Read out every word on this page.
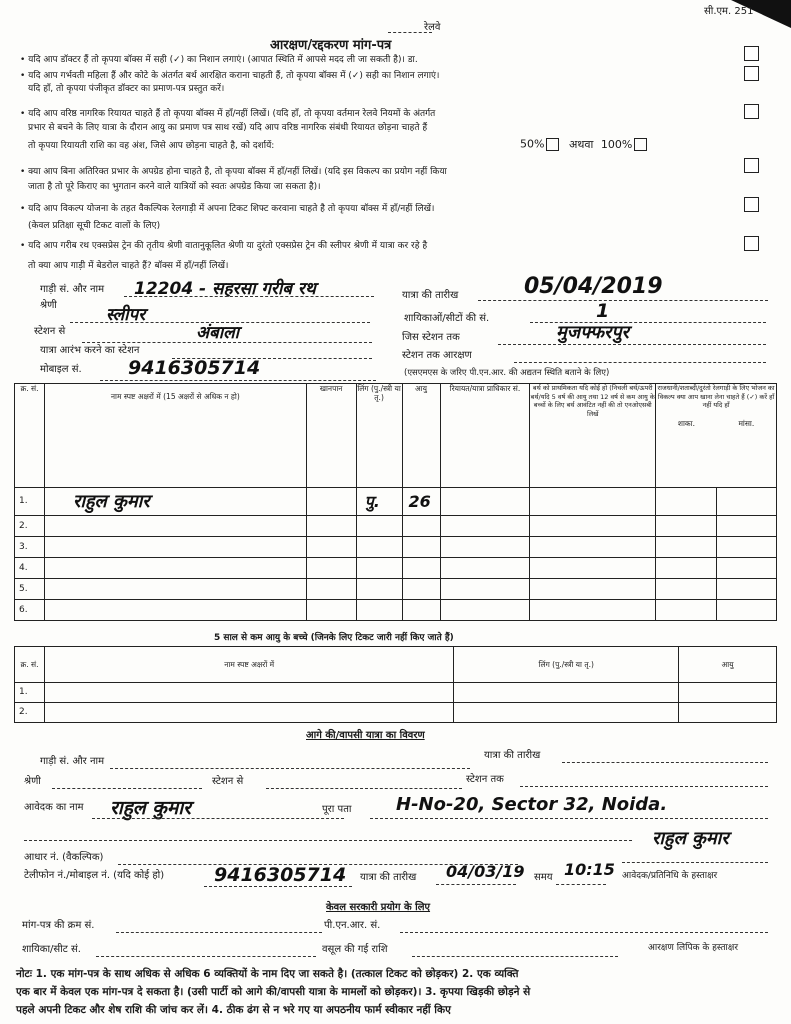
सी.एम. 251
रेलवे
आरक्षण/रद्दकरण मांग-पत्र
• यदि आप डॉक्टर हैं तो कृपया बॉक्स में सही (✓) का निशान लगाएं। (आपात स्थिति में आपसे मदद ली जा सकती है)। डा.
• यदि आप गर्भवती महिला हैं और कोटे के अंतर्गत बर्थ आरक्षित कराना चाहती हैं, तो कृपया बॉक्स में (✓) सही का निशान लगाएं।
यदि हाँ, तो कृपया पंजीकृत डॉक्टर का प्रमाण-पत्र प्रस्तुत करें।
• यदि आप वरिष्ठ नागरिक रियायत चाहते हैं तो कृपया बॉक्स में हाँ/नहीं लिखें। (यदि हाँ, तो कृपया वर्तमान रेलवे नियमों के अंतर्गत
प्रभार से बचने के लिए यात्रा के दौरान आयु का प्रमाण पत्र साथ रखें) यदि आप वरिष्ठ नागरिक संबंधी रियायत छोड़ना चाहते हैं
तो कृपया रियायती राशि का वह अंश, जिसे आप छोड़ना चाहते है, को दर्शायें:	50% अथवा 100%
• क्या आप बिना अतिरिक्त प्रभार के अपग्रेड होना चाहते है, तो कृपया बॉक्स में हाँ/नहीं लिखें। (यदि इस विकल्प का प्रयोग नहीं किया
जाता है तो पूरे किराए का भुगतान करने वाले यात्रियों को स्वतः अपग्रेड किया जा सकता है)।
• यदि आप विकल्प योजना के तहत वैकल्पिक रेलगाड़ी में अपना टिकट शिफ्ट करवाना चाहते है तो कृपया बॉक्स में हाँ/नहीं लिखें।
(केवल प्रतिक्षा सूची टिकट वालों के लिए)
• यदि आप गरीब रथ एक्सप्रेस ट्रेन की तृतीय श्रेणी वातानुकूलित श्रेणी या दुरंतो एक्सप्रेस ट्रेन की स्लीपर श्रेणी में यात्रा कर रहे है
तो क्या आप गाड़ी में बेडरोल चाहते हैं? बॉक्स में हाँ/नहीं लिखें।
गाड़ी सं. और नाम 12204 - सहरसा गरीब रथ	यात्रा की तारीख	05/04/2019
श्रेणी	स्लीपर	शायिकाओं/सीटों की सं.	1
स्टेशन से	अंबाला	जिस स्टेशन तक	मुजफ्फरपुर
यात्रा आरंभ करने का स्टेशन	स्टेशन तक आरक्षण
मोबाइल सं. 9416305714	(एसएमएस के जरिए पी.एन.आर. की अद्यतन स्थिति बताने के लिए)
क्र. सं.	नाम स्पष्ट अक्षरों में (15 अक्षरों से अधिक न हो)	खानपान	लिंग (पु./स्त्री या तृ.)	आयु	रियायत/यात्रा प्राधिकार सं.	बर्थ को प्राथमिकता यदि कोई हो (निचली बर्थ/ऊपरी बर्थ/यदि 5 वर्ष की आयु तथा 12 वर्ष से कम आयु के बच्चों के लिए बर्थ आवंटित नहीं की तो एनओएसबी लिखें	राजधानी/शताब्दी/दुरंतो रेलगाड़ी के लिए भोजन का विकल्प क्या आप खाना लेना चाहते हैं (✓) करें हाँ नहीं यदि हाँ
शाका. मांसा.	

1.	राहुल कुमार		पु.	26				
2.								
3.								
4.								
5.								
6.								
5 साल से कम आयु के बच्चे (जिनके लिए टिकट जारी नहीं किए जाते हैं)
क्र. सं.	नाम स्पष्ट अक्षरों में	लिंग (पु./स्त्री या तृ.)	आयु
1.			
2.			
आगे की/वापसी यात्रा का विवरण
गाड़ी सं. और नाम
यात्रा की तारीख
श्रेणी	स्टेशन से	स्टेशन तक
आवेदक का नाम राहुल कुमार	पूरा पता H-No-20, Sector 32, Noida.
राहुल कुमार
आधार नं. (वैकल्पिक)
टेलीफोन नं./मोबाइल नं. (यदि कोई हो)	9416305714 यात्रा की तारीख 04/03/19 समय 10:15 आवेदक/प्रतिनिधि के हस्ताक्षर
केवल सरकारी प्रयोग के लिए
मांग-पत्र की क्रम सं.	पी.एन.आर. सं.
शायिका/सीट सं.	वसूल की गई राशि	आरक्षण लिपिक के हस्ताक्षर
नोटः 1. एक मांग-पत्र के साथ अधिक से अधिक 6 व्यक्तियों के नाम दिए जा सकते है। (तत्काल टिकट को छोड़कर) 2. एक व्यक्ति
एक बार में केवल एक मांग-पत्र दे सकता है। (उसी पार्टी को आगे की/वापसी यात्रा के मामलों को छोड़कर)। 3. कृपया खिड़की छोड़ने से
पहले अपनी टिकट और शेष राशि की जांच कर लें। 4. ठीक ढंग से न भरे गए या अपठनीय फार्म स्वीकार नहीं किए
